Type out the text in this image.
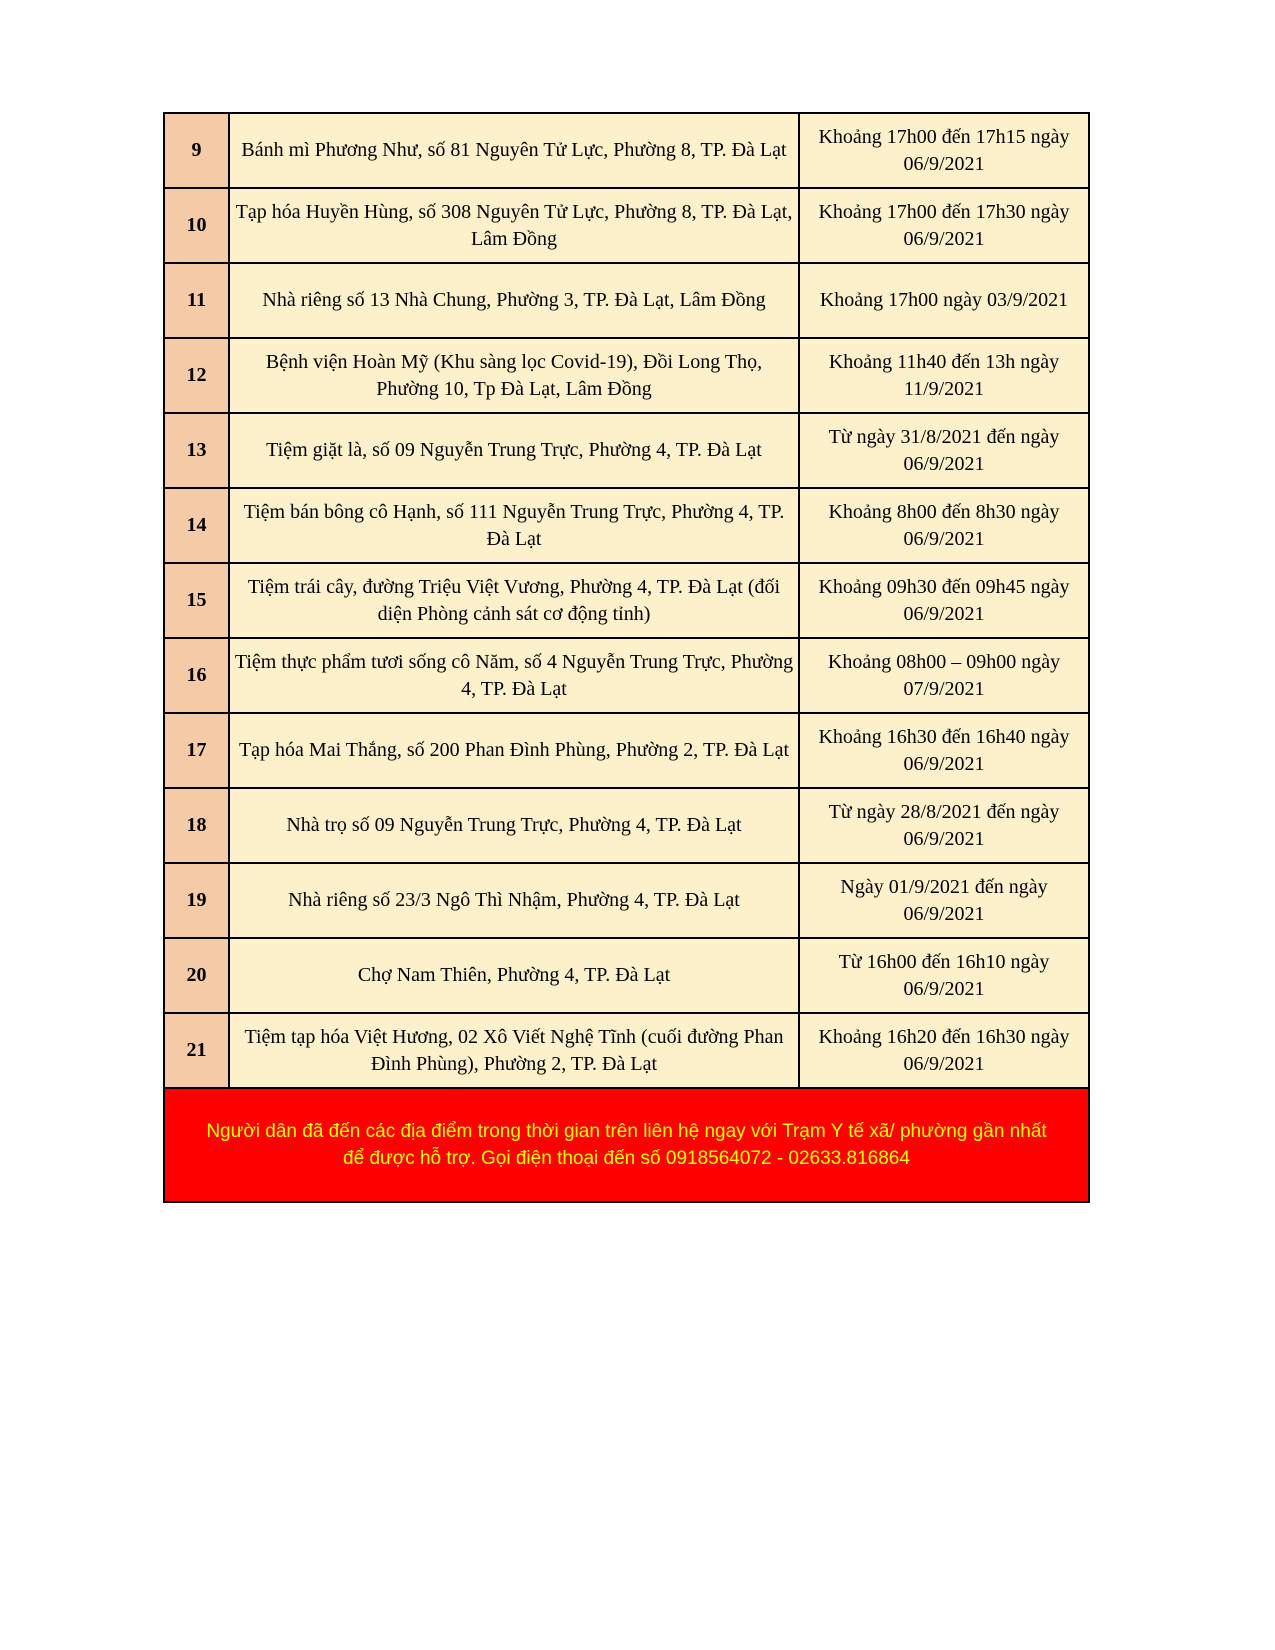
9	Bánh mì Phương Như, số 81 Nguyên Tử Lực, Phường 8, TP. Đà Lạt	Khoảng 17h00 đến 17h15 ngày 06/9/2021
10	Tạp hóa Huyền Hùng, số 308 Nguyên Tử Lực, Phường 8, TP. Đà Lạt, Lâm Đồng	Khoảng 17h00 đến 17h30 ngày 06/9/2021
11	Nhà riêng số 13 Nhà Chung, Phường 3, TP. Đà Lạt, Lâm Đồng	Khoảng 17h00 ngày 03/9/2021
12	Bệnh viện Hoàn Mỹ (Khu sàng lọc Covid-19), Đồi Long Thọ, Phường 10, Tp Đà Lạt, Lâm Đồng	Khoảng 11h40 đến 13h ngày 11/9/2021
13	Tiệm giặt là, số 09 Nguyễn Trung Trực, Phường 4, TP. Đà Lạt	Từ ngày 31/8/2021 đến ngày 06/9/2021
14	Tiệm bán bông cô Hạnh, số 111 Nguyễn Trung Trực, Phường 4, TP. Đà Lạt	Khoảng 8h00 đến 8h30 ngày 06/9/2021
15	Tiệm trái cây, đường Triệu Việt Vương, Phường 4, TP. Đà Lạt (đối diện Phòng cảnh sát cơ động tỉnh)	Khoảng 09h30 đến 09h45 ngày 06/9/2021
16	Tiệm thực phẩm tươi sống cô Năm, số 4 Nguyễn Trung Trực, Phường 4, TP. Đà Lạt	Khoảng 08h00 – 09h00 ngày 07/9/2021
17	Tạp hóa Mai Thắng, số 200 Phan Đình Phùng, Phường 2, TP. Đà Lạt	Khoảng 16h30 đến 16h40 ngày 06/9/2021
18	Nhà trọ số 09 Nguyễn Trung Trực, Phường 4, TP. Đà Lạt	Từ ngày 28/8/2021 đến ngày 06/9/2021
19	Nhà riêng số 23/3 Ngô Thì Nhậm, Phường 4, TP. Đà Lạt	Ngày 01/9/2021 đến ngày 06/9/2021
20	Chợ Nam Thiên, Phường 4, TP. Đà Lạt	Từ 16h00 đến 16h10 ngày 06/9/2021
21	Tiệm tạp hóa Việt Hương, 02 Xô Viết Nghệ Tĩnh (cuối đường Phan Đình Phùng), Phường 2, TP. Đà Lạt	Khoảng 16h20 đến 16h30 ngày 06/9/2021
Người dân đã đến các địa điểm trong thời gian trên liên hệ ngay với Trạm Y tế xã/ phường gần nhất để được hỗ trợ. Gọi điện thoại đến số 0918564072 - 02633.816864		
